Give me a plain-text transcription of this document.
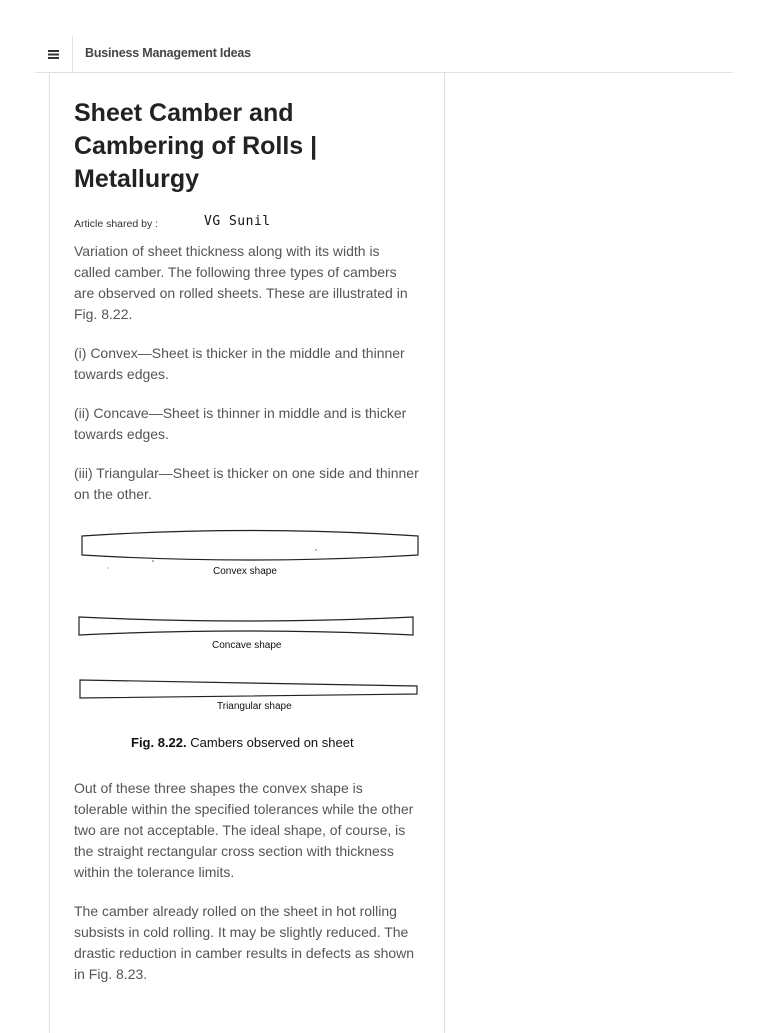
Business Management Ideas
Sheet Camber and Cambering of Rolls | Metallurgy
Article shared by :	VG Sunil

Variation of sheet thickness along with its width is called camber. The following three types of cambers are observed on rolled sheets. These are illustrated in Fig. 8.22.

(i) Convex—Sheet is thicker in the middle and thinner towards edges.

(ii) Concave—Sheet is thinner in middle and is thicker towards edges.

(iii) Triangular—Sheet is thicker on one side and thinner on the other.

Convex shape
Concave shape
Triangular shape
Fig. 8.22. Cambers observed on sheet

Out of these three shapes the convex shape is tolerable within the specified tolerances while the other two are not acceptable. The ideal shape, of course, is the straight rectangular cross section with thickness within the tolerance limits.

The camber already rolled on the sheet in hot rolling subsists in cold rolling. It may be slightly reduced. The drastic reduction in camber results in defects as shown in Fig. 8.23.
